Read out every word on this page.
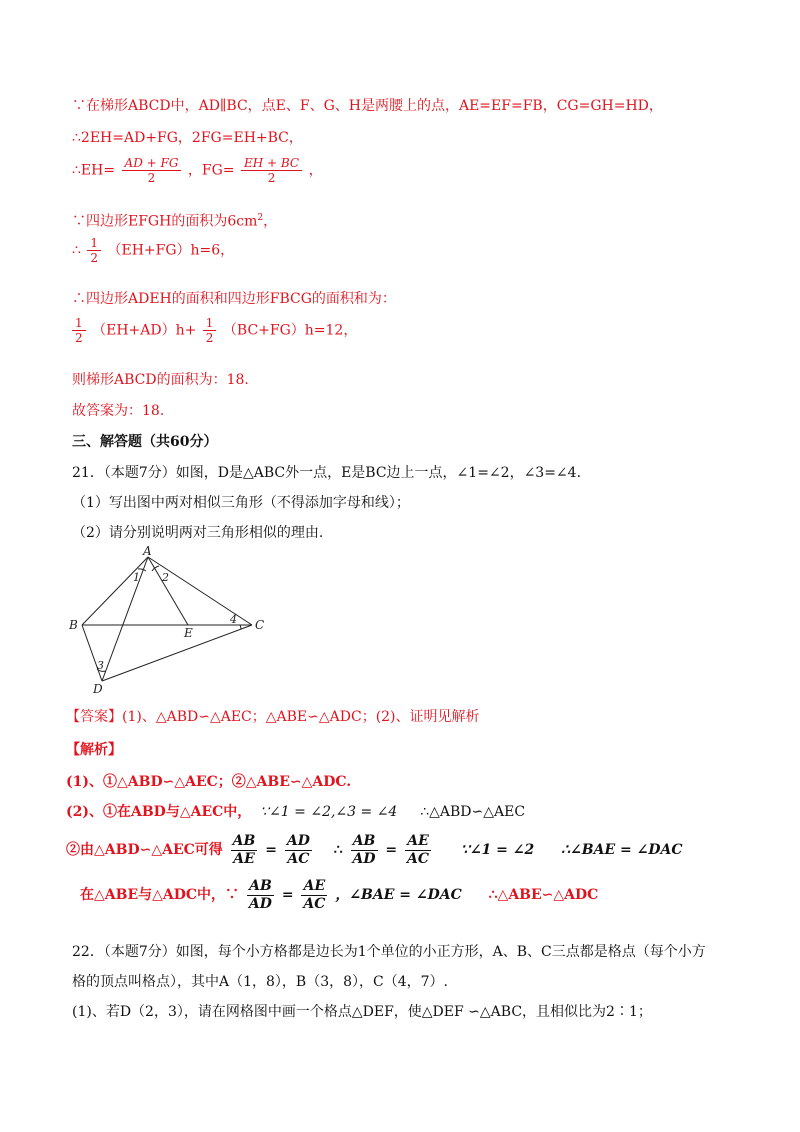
∵在梯形ABCD中，AD∥BC，点E、F、G、H是两腰上的点，AE=EF=FB，CG=GH=HD，
∴2EH=AD+FG，2FG=EH+BC，
∴EH= $\frac{AD + FG}{2}$ ，$FG= \frac{EH + BC}{2}$ ，
∵四边形EFGH的面积为$6cm^2$，
∴ $\frac{1}{2} (EH+FG)h=6$，
∴四边形ADEH的面积和四边形FBCG的面积和为：
$\frac{1}{2} (EH+AD)h+ \frac{1}{2} (BC+FG)h=12$，
则梯形ABCD的面积为：18.
故答案为：18.
三、解答题（共60分）
21．（本题7分）如图，D是△ABC外一点，E是BC边上一点，∠1=∠2，∠3=∠4.
（1）写出图中两对相似三角形（不得添加字母和线）；
（2）请分别说明两对三角形相似的理由.
A
B	C
D
E
1 2
3
4
【答案】(1)、△ABD∽△AEC；△ABE∽△ADC；(2)、证明见解析
【解析】
(1)、①△ABD∽△AEC；②△ABE∽△ADC.
(2)、①在ABD与△AEC中， ∵∠1 = ∠2,∠3 = ∠4 ∴△ABD∽△AEC
②由△ABD∽△AEC可得 $\frac{AB}{AE} = \frac{AD}{AC}$ ∴ $\frac{AB}{AD} = \frac{AE}{AC}$ ∵∠1 = ∠2 ∴∠BAE = ∠DAC
在△ABE与△ADC中，∵ $\frac{AB}{AD} = \frac{AE}{AC}$ ，∠BAE = ∠DAC ∴△ABE∽△ADC
22．（本题7分）如图，每个小方格都是边长为1个单位的小正方形，A、B、C三点都是格点（每个小方
格的顶点叫格点），其中A（1，8），B（3，8），C（4，7）.
(1)、若D（2，3），请在网格图中画一个格点△DEF，使△DEF ∽△ABC，且相似比为2∶1；
